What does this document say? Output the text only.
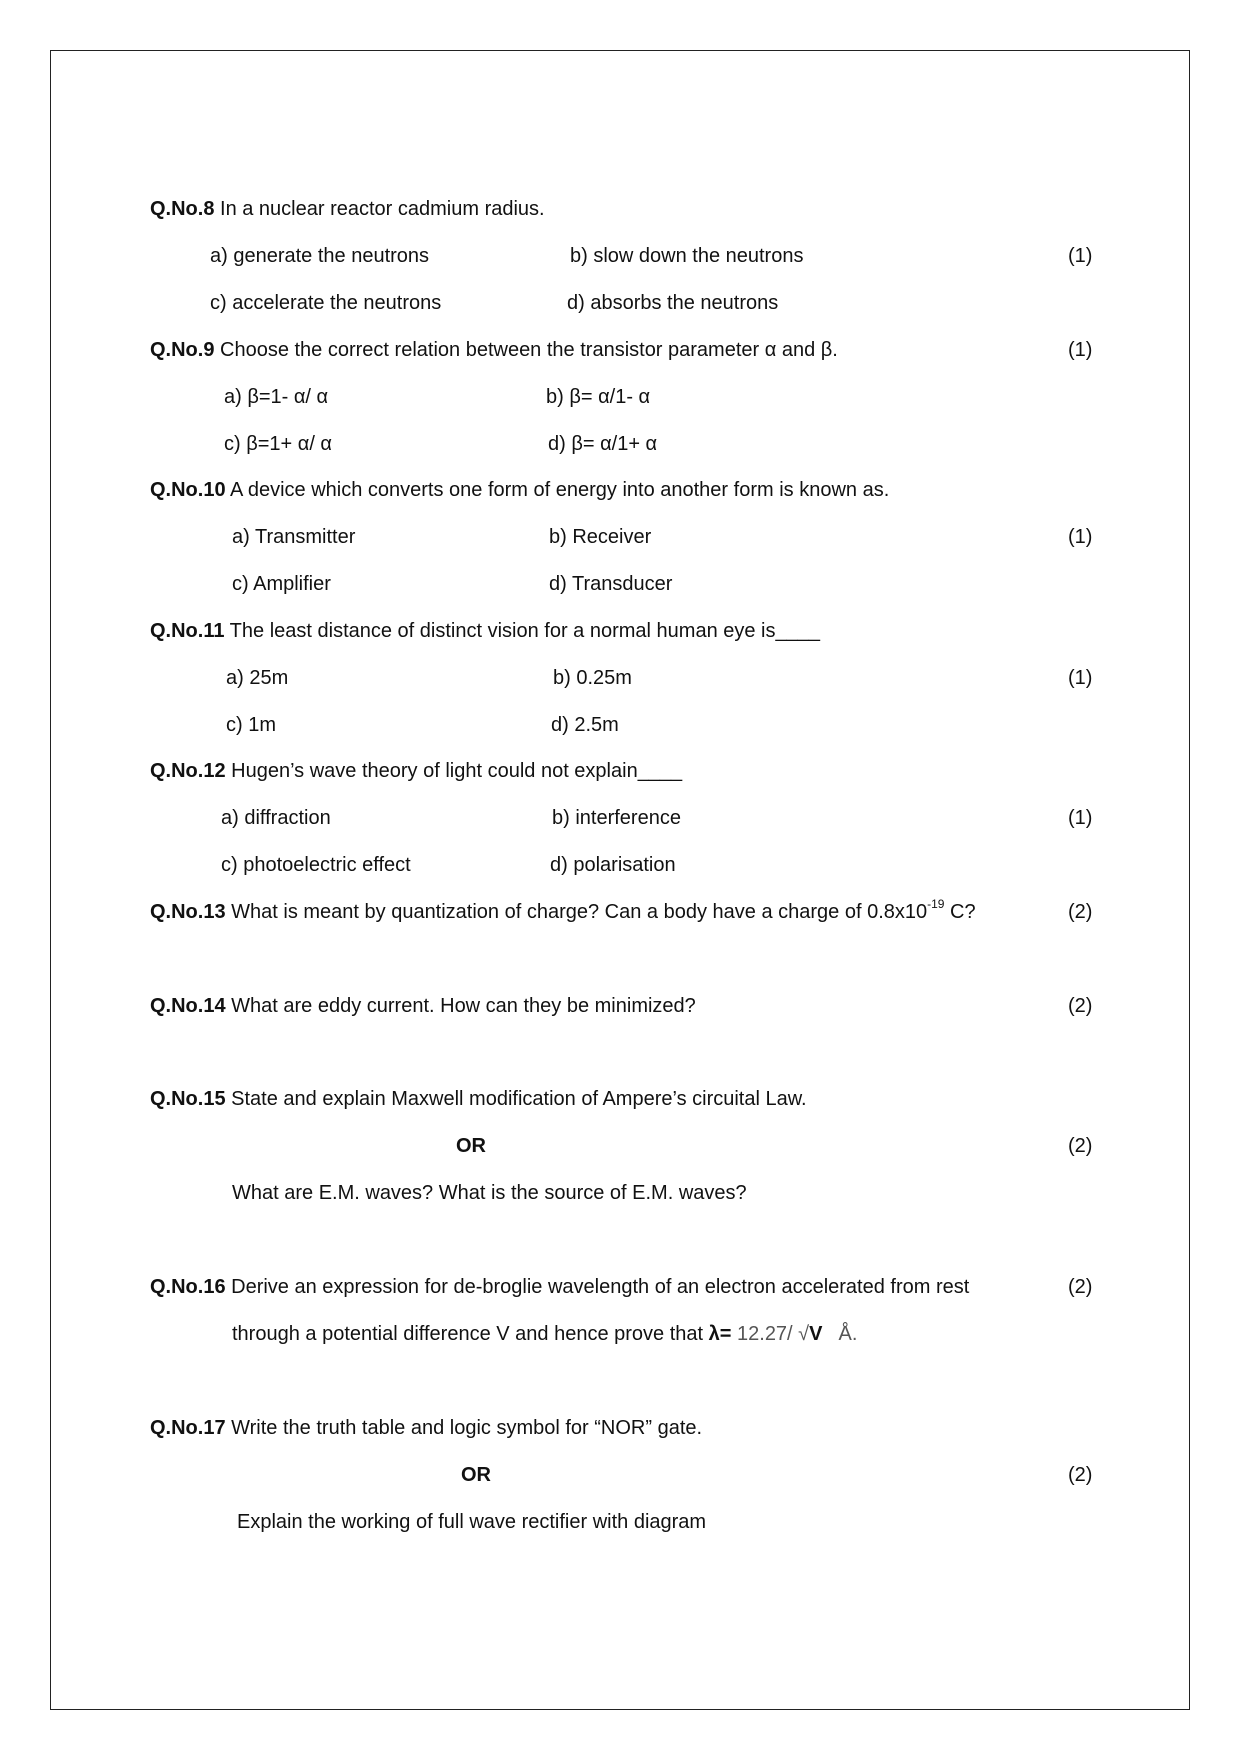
Q.No.8 In a nuclear reactor cadmium radius.
a) generate the neutrons	b) slow down the neutrons	(1)
c) accelerate the neutrons	d) absorbs the neutrons
Q.No.9 Choose the correct relation between the transistor parameter α and β.	(1)
a) β=1- α/ α	b) β= α/1- α
c) β=1+ α/ α	d) β= α/1+ α
Q.No.10 A device which converts one form of energy into another form is known as.
a) Transmitter	b) Receiver	(1)
c) Amplifier	d) Transducer
Q.No.11 The least distance of distinct vision for a normal human eye is____
a) 25m	b) 0.25m	(1)
c) 1m	d) 2.5m
Q.No.12 Hugen’s wave theory of light could not explain____
a) diffraction	b) interference	(1)
c) photoelectric effect	d) polarisation
Q.No.13 What is meant by quantization of charge? Can a body have a charge of $0.8x10^{-19}$ C?	(2)
Q.No.14 What are eddy current. How can they be minimized?	(2)
Q.No.15 State and explain Maxwell modification of Ampere’s circuital Law.
OR	(2)
What are E.M. waves? What is the source of E.M. waves?
Q.No.16 Derive an expression for de-broglie wavelength of an electron accelerated from rest	(2)
through a potential difference V and hence prove that λ= 12.27/ √V Å.
Q.No.17 Write the truth table and logic symbol for “NOR” gate.
OR	(2)
Explain the working of full wave rectifier with diagram
